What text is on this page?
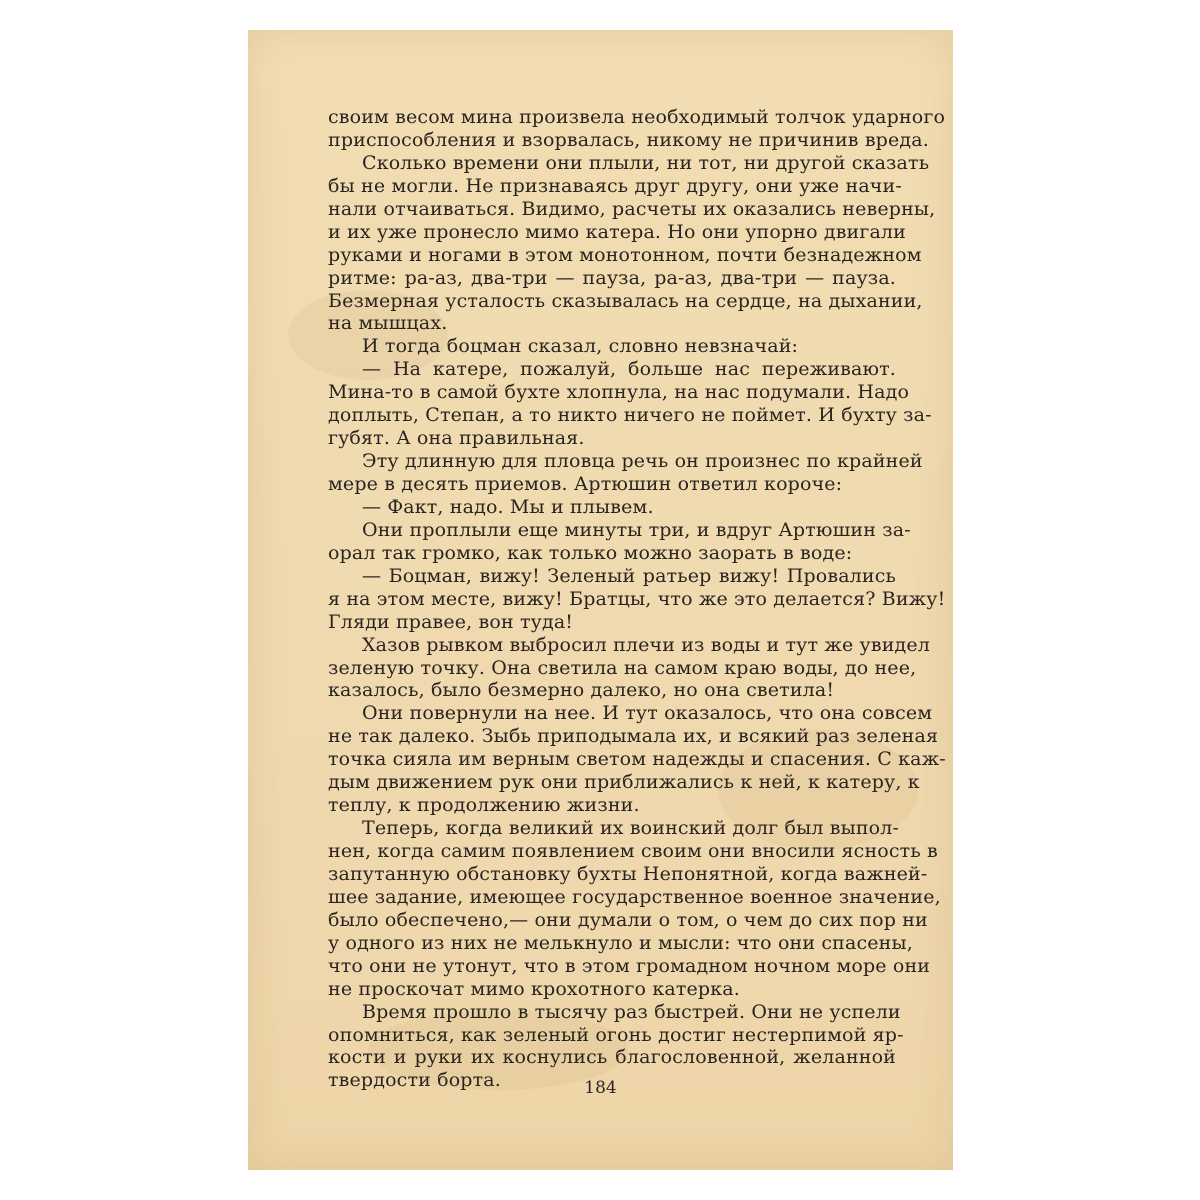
своим весом мина произвела необходимый толчок ударного
приспособления и взорвалась, никому не причинив вреда.
Сколько времени они плыли, ни тот, ни другой сказать
бы не могли. Не признаваясь друг другу, они уже начи-
нали отчаиваться. Видимо, расчеты их оказались неверны,
и их уже пронесло мимо катера. Но они упорно двигали
руками и ногами в этом монотонном, почти безнадежном
ритме: ра-аз, два-три — пауза, ра-аз, два-три — пауза.
Безмерная усталость сказывалась на сердце, на дыхании,
на мышцах.
И тогда боцман сказал, словно невзначай:
— На катере, пожалуй, больше нас переживают.
Мина-то в самой бухте хлопнула, на нас подумали. Надо
доплыть, Степан, а то никто ничего не поймет. И бухту за-
губят. А она правильная.
Эту длинную для пловца речь он произнес по крайней
мере в десять приемов. Артюшин ответил короче:
— Факт, надо. Мы и плывем.
Они проплыли еще минуты три, и вдруг Артюшин за-
орал так громко, как только можно заорать в воде:
— Боцман, вижу! Зеленый ратьер вижу! Провались
я на этом месте, вижу! Братцы, что же это делается? Вижу!
Гляди правее, вон туда!
Хазов рывком выбросил плечи из воды и тут же увидел
зеленую точку. Она светила на самом краю воды, до нее,
казалось, было безмерно далеко, но она светила!
Они повернули на нее. И тут оказалось, что она совсем
не так далеко. Зыбь приподымала их, и всякий раз зеленая
точка сияла им верным светом надежды и спасения. С каж-
дым движением рук они приближались к ней, к катеру, к
теплу, к продолжению жизни.
Теперь, когда великий их воинский долг был выпол-
нен, когда самим появлением своим они вносили ясность в
запутанную обстановку бухты Непонятной, когда важней-
шее задание, имеющее государственное военное значение,
было обеспечено,— они думали о том, о чем до сих пор ни
у одного из них не мелькнуло и мысли: что они спасены,
что они не утонут, что в этом громадном ночном море они
не проскочат мимо крохотного катерка.
Время прошло в тысячу раз быстрей. Они не успели
опомниться, как зеленый огонь достиг нестерпимой яр-
кости и руки их коснулись благословенной, желанной
твердости борта.	184
